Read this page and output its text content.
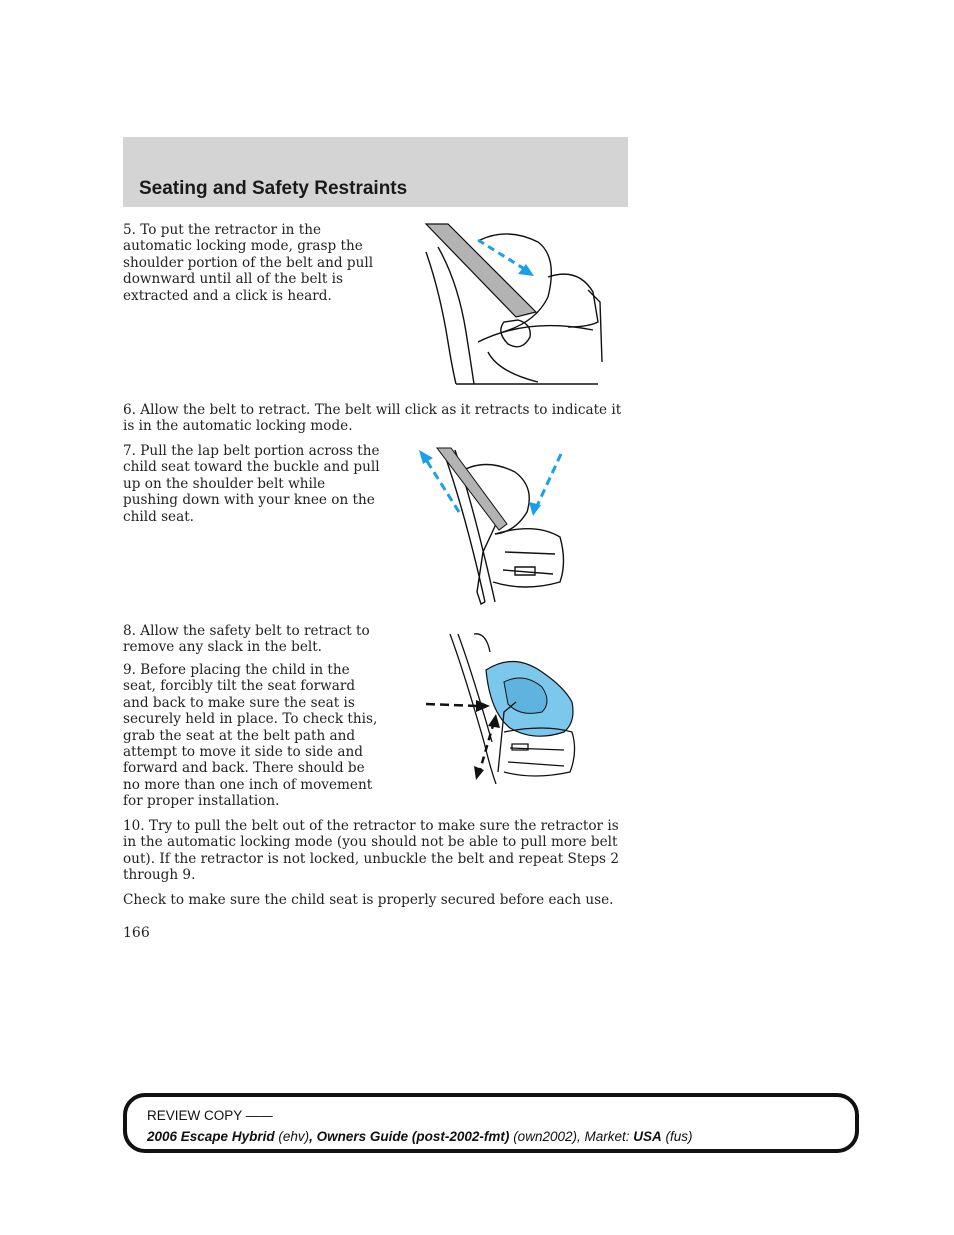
Seating and Safety Restraints

5. To put the retractor in the automatic locking mode, grasp the shoulder portion of the belt and pull downward until all of the belt is extracted and a click is heard.

6. Allow the belt to retract. The belt will click as it retracts to indicate it is in the automatic locking mode.

7. Pull the lap belt portion across the child seat toward the buckle and pull up on the shoulder belt while pushing down with your knee on the child seat.

8. Allow the safety belt to retract to remove any slack in the belt.

9. Before placing the child in the seat, forcibly tilt the seat forward and back to make sure the seat is securely held in place. To check this, grab the seat at the belt path and attempt to move it side to side and forward and back. There should be no more than one inch of movement for proper installation.

10. Try to pull the belt out of the retractor to make sure the retractor is in the automatic locking mode (you should not be able to pull more belt out). If the retractor is not locked, unbuckle the belt and repeat Steps 2 through 9.

Check to make sure the child seat is properly secured before each use.

166
REVIEW COPY ——
2006 Escape Hybrid (ehv), Owners Guide (post-2002-fmt) (own2002), Market: USA (fus)
